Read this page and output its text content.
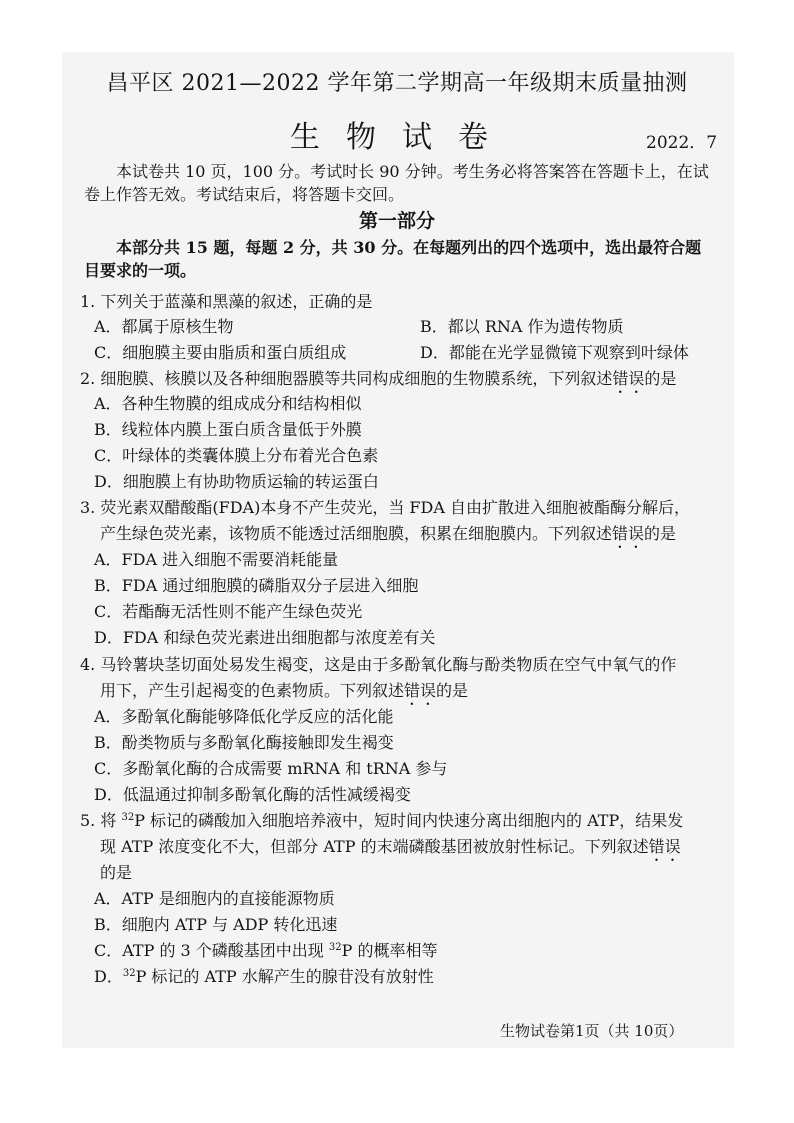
昌平区 2021—2022 学年第二学期高一年级期末质量抽测
生物试卷	2022．7
本试卷共 10 页，100 分。考试时长 90 分钟。考生务必将答案答在答题卡上，在试卷上作答无效。考试结束后，将答题卡交回。
第一部分
本部分共 15 题，每题 2 分，共 30 分。在每题列出的四个选项中，选出最符合题目要求的一项。
1. 下列关于蓝藻和黑藻的叙述，正确的是
A．都属于原核生物	B．都以 RNA 作为遗传物质
C．细胞膜主要由脂质和蛋白质组成	D．都能在光学显微镜下观察到叶绿体
2. 细胞膜、核膜以及各种细胞器膜等共同构成细胞的生物膜系统，下列叙述错误的是
A．各种生物膜的组成成分和结构相似
B．线粒体内膜上蛋白质含量低于外膜
C．叶绿体的类囊体膜上分布着光合色素
D．细胞膜上有协助物质运输的转运蛋白
3. 荧光素双醋酸酯(FDA)本身不产生荧光，当 FDA 自由扩散进入细胞被酯酶分解后，
产生绿色荧光素，该物质不能透过活细胞膜，积累在细胞膜内。下列叙述错误的是
A．FDA 进入细胞不需要消耗能量
B．FDA 通过细胞膜的磷脂双分子层进入细胞
C．若酯酶无活性则不能产生绿色荧光
D．FDA 和绿色荧光素进出细胞都与浓度差有关
4. 马铃薯块茎切面处易发生褐变，这是由于多酚氧化酶与酚类物质在空气中氧气的作
用下，产生引起褐变的色素物质。下列叙述错误的是
A．多酚氧化酶能够降低化学反应的活化能
B．酚类物质与多酚氧化酶接触即发生褐变
C．多酚氧化酶的合成需要 mRNA 和 tRNA 参与
D．低温通过抑制多酚氧化酶的活性减缓褐变
5. 将 $^{32}$P 标记的磷酸加入细胞培养液中，短时间内快速分离出细胞内的 ATP，结果发
现 ATP 浓度变化不大，但部分 ATP 的末端磷酸基团被放射性标记。下列叙述错误
的是
A．ATP 是细胞内的直接能源物质
B．细胞内 ATP 与 ADP 转化迅速
C．ATP 的 3 个磷酸基团中出现 $^{32}$P 的概率相等
D．$^{32}$P 标记的 ATP 水解产生的腺苷没有放射性
生物试卷第1页（共 10页）
